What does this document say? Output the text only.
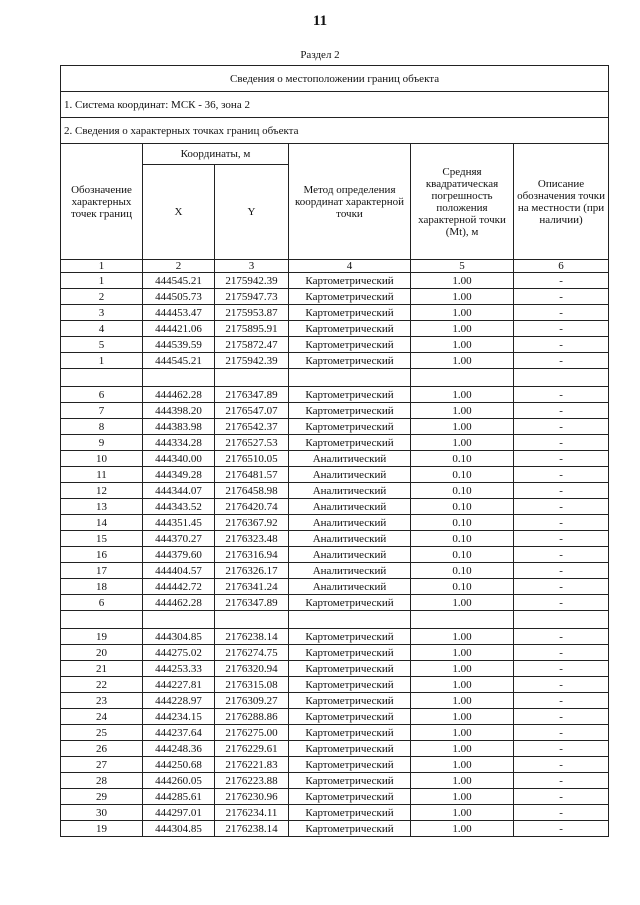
11
Раздел 2
Сведения о местоположении границ объекта					
1. Система координат: МСК - 36, зона 2					
2. Сведения о характерных точках границ объекта					
Обозначение характерных точек границ	Координаты, м		Метод определения координат характерной точки	Средняя квадратическая погрешность положения характерной точки (Mt), м	Описание обозначения точки на местности (при наличии)
	X	Y			
1	2	3	4	5	6
1	444545.21	2175942.39	Картометрический	1.00	-
2	444505.73	2175947.73	Картометрический	1.00	-
3	444453.47	2175953.87	Картометрический	1.00	-
4	444421.06	2175895.91	Картометрический	1.00	-
5	444539.59	2175872.47	Картометрический	1.00	-
1	444545.21	2175942.39	Картометрический	1.00	-

6	444462.28	2176347.89	Картометрический	1.00	-
7	444398.20	2176547.07	Картометрический	1.00	-
8	444383.98	2176542.37	Картометрический	1.00	-
9	444334.28	2176527.53	Картометрический	1.00	-
10	444340.00	2176510.05	Аналитический	0.10	-
11	444349.28	2176481.57	Аналитический	0.10	-
12	444344.07	2176458.98	Аналитический	0.10	-
13	444343.52	2176420.74	Аналитический	0.10	-
14	444351.45	2176367.92	Аналитический	0.10	-
15	444370.27	2176323.48	Аналитический	0.10	-
16	444379.60	2176316.94	Аналитический	0.10	-
17	444404.57	2176326.17	Аналитический	0.10	-
18	444442.72	2176341.24	Аналитический	0.10	-
6	444462.28	2176347.89	Картометрический	1.00	-

19	444304.85	2176238.14	Картометрический	1.00	-
20	444275.02	2176274.75	Картометрический	1.00	-
21	444253.33	2176320.94	Картометрический	1.00	-
22	444227.81	2176315.08	Картометрический	1.00	-
23	444228.97	2176309.27	Картометрический	1.00	-
24	444234.15	2176288.86	Картометрический	1.00	-
25	444237.64	2176275.00	Картометрический	1.00	-
26	444248.36	2176229.61	Картометрический	1.00	-
27	444250.68	2176221.83	Картометрический	1.00	-
28	444260.05	2176223.88	Картометрический	1.00	-
29	444285.61	2176230.96	Картометрический	1.00	-
30	444297.01	2176234.11	Картометрический	1.00	-
19	444304.85	2176238.14	Картометрический	1.00	-
